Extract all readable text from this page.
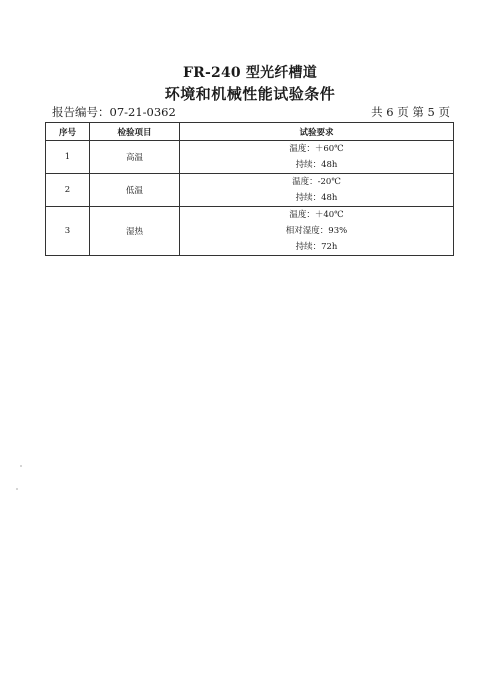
FR-240 型光纤槽道
环境和机械性能试验条件
报告编号：07-21-0362	共 6 页 第 5 页
序号	检验项目	试验要求
1	高温	温度：＋60℃
持续：48h

2	低温	温度：-20℃
持续：48h

3	湿热	温度：＋40℃
相对湿度：93%
持续：72h
